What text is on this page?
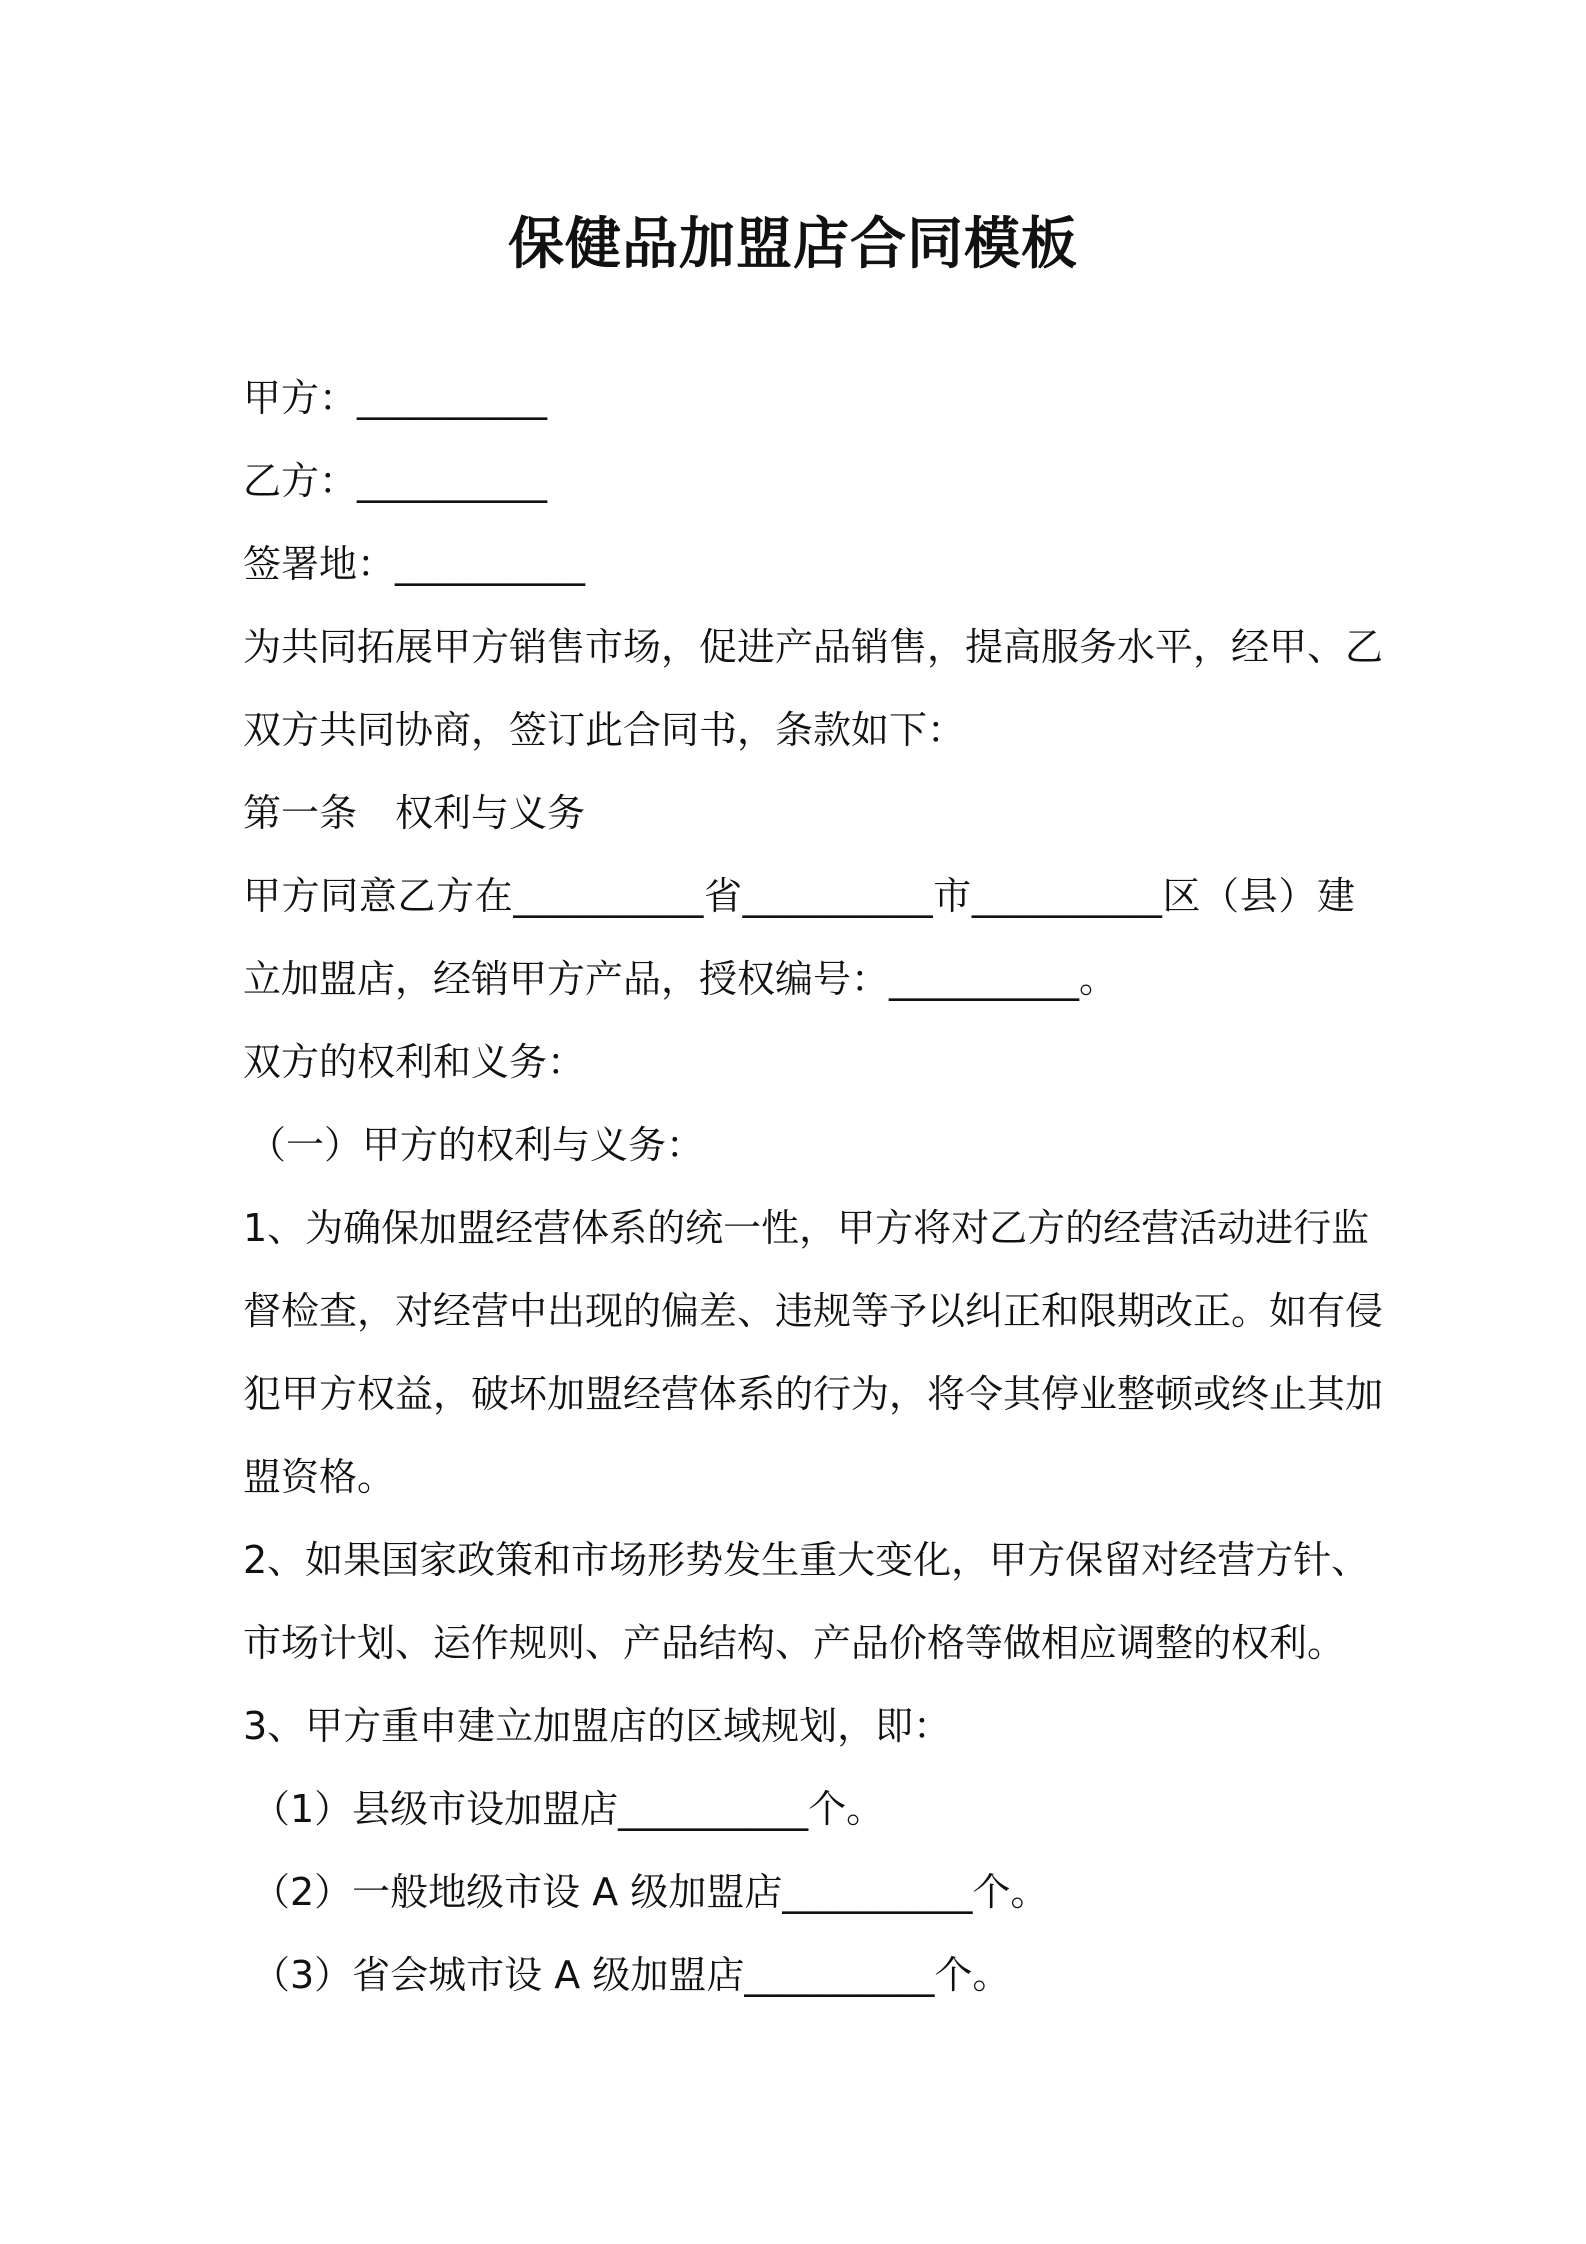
保健品加盟店合同模板
甲方：__________
乙方：__________
签署地：__________
为共同拓展甲方销售市场，促进产品销售，提高服务水平，经甲、乙
双方共同协商，签订此合同书，条款如下：
第一条　权利与义务
甲方同意乙方在__________省__________市__________区（县）建
立加盟店，经销甲方产品，授权编号：__________。
双方的权利和义务：
（一）甲方的权利与义务：
1、为确保加盟经营体系的统一性，甲方将对乙方的经营活动进行监
督检查，对经营中出现的偏差、违规等予以纠正和限期改正。如有侵
犯甲方权益，破坏加盟经营体系的行为，将令其停业整顿或终止其加
盟资格。
2、如果国家政策和市场形势发生重大变化，甲方保留对经营方针、
市场计划、运作规则、产品结构、产品价格等做相应调整的权利。
3、甲方重申建立加盟店的区域规划，即：
（1）县级市设加盟店__________个。
（2）一般地级市设 A 级加盟店__________个。
（3）省会城市设 A 级加盟店__________个。
